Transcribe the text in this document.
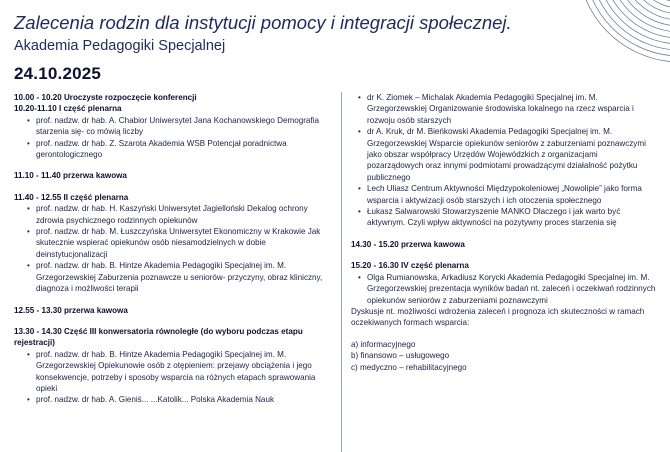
Zalecenia rodzin dla instytucji pomocy i integracji społecznej.
Akademia Pedagogiki Specjalnej
24.10.2025
10.00 - 10.20 Uroczyste rozpoczęcie konferencji
10.20-11.10 I część plenarna
• prof. nadzw. dr hab. A. Chabior Uniwersytet Jana Kochanowskiego Demografia starzenia się- co mówią liczby
• prof. nadzw. dr hab. Z. Szarota Akademia WSB Potencjał poradnictwa gerontologicznego
11.10 - 11.40 przerwa kawowa
11.40 - 12.55 II część plenarna
• prof. nadzw. dr hab. H. Kaszyński Uniwersytet Jagielloński Dekalog ochrony zdrowia psychicznego rodzinnych opiekunów
• prof. nadzw. dr hab. M. Łuszczyńska Uniwersytet Ekonomiczny w Krakowie Jak skutecznie wspierać opiekunów osób niesamodzielnych w dobie deinstytucjonalizacji
• prof. nadzw. dr hab. B. Hintze Akademia Pedagogiki Specjalnej im. M. Grzegorzewskiej Zaburzenia poznawcze u seniorów- przyczyny, obraz kliniczny, diagnoza i możliwości terapii
12.55 - 13.30 przerwa kawowa
13.30 - 14.30 Część III konwersatoria równoległe (do wyboru podczas etapu rejestracji)
• prof. nadzw. dr hab. B. Hintze Akademia Pedagogiki Specjalnej im. M. Grzegorzewskiej Opiekunowie osób z otępieniem: przejawy obciążenia i jego konsekwencje, potrzeby i sposoby wsparcia na różnych etapach sprawowania opieki
• prof. nadzw. dr hab. A. Gieniś... ...Katolik... Polska Akademia Nauk
• dr K. Ziomek – Michalak Akademia Pedagogiki Specjalnej im. M. Grzegorzewskiej Organizowanie środowiska lokalnego na rzecz wsparcia i rozwoju osób starszych
• dr A. Kruk, dr M. Bieńkowski Akademia Pedagogiki Specjalnej im. M. Grzegorzewskiej Wsparcie opiekunów seniorów z zaburzeniami poznawczymi jako obszar współpracy Urzędów Wojewódzkich z organizacjami pozarządowych oraz innymi podmiotami prowadzącymi działalność pożytku publicznego
• Lech Uliasz Centrum Aktywności Międzypokoleniowej „Nowolipie” jako forma wsparcia i aktywizacji osób starszych i ich otoczenia społecznego
• Łukasz Salwarowski Stowarzyszenie MANKO Dlaczego i jak warto być aktywnym. Czyli wpływ aktywności na pozytywny proces starzenia się
14.30 - 15.20 przerwa kawowa
15.20 - 16.30 IV część plenarna
• Olga Rumianowska, Arkadiusz Korycki Akademia Pedagogiki Specjalnej im. M. Grzegorzewskiej prezentacja wyników badań nt. zaleceń i oczekiwań rodzinnych opiekunów seniorów z zaburzeniami poznawczymi
Dyskusje nt. możliwości wdrożenia zaleceń i prognoza ich skuteczności w ramach oczekiwanych formach wsparcia:
a) informacyjnego
b) finansowo – usługowego
c) medyczno – rehabilitacyjnego
